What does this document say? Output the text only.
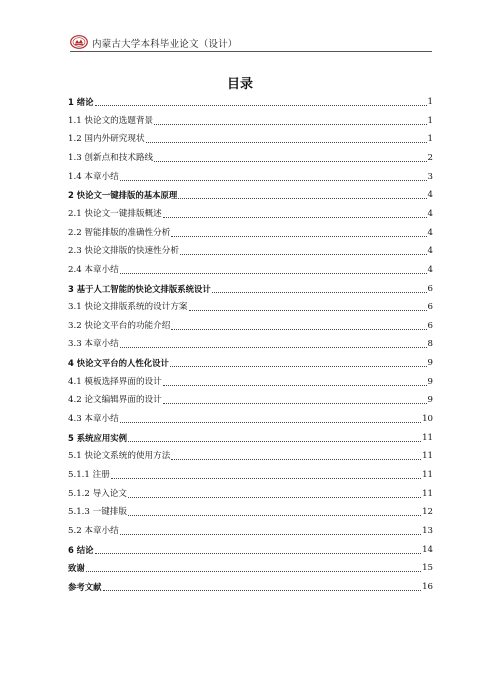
内蒙古大学本科毕业论文（设计）
目录
1 绪论	1
1.1 快论文的选题背景	1
1.2 国内外研究现状	1
1.3 创新点和技术路线	2
1.4 本章小结	3
2 快论文一键排版的基本原理	4
2.1 快论文一键排版概述	4
2.2 智能排版的准确性分析	4
2.3 快论文排版的快速性分析	4
2.4 本章小结	4
3 基于人工智能的快论文排版系统设计	6
3.1 快论文排版系统的设计方案	6
3.2 快论文平台的功能介绍	6
3.3 本章小结	8
4 快论文平台的人性化设计	9
4.1 模板选择界面的设计	9
4.2 论文编辑界面的设计	9
4.3 本章小结	10
5 系统应用实例	11
5.1 快论文系统的使用方法	11
5.1.1 注册	11
5.1.2 导入论文	11
5.1.3 一键排版	12
5.2 本章小结	13
6 结论	14
致谢	15
参考文献	16
